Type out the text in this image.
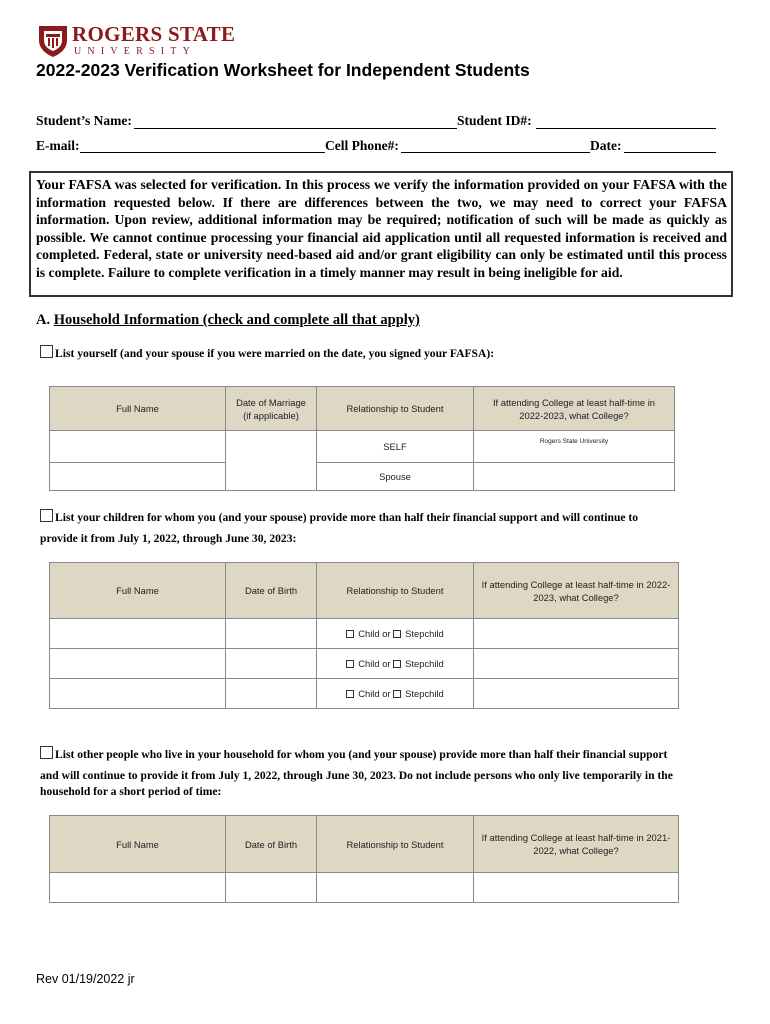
ROGERS STATE
UNIVERSITY
2022-2023 Verification Worksheet for Independent Students
Student’s Name:	Student ID#:
E-mail:	Cell Phone#:	Date:
Your FAFSA was selected for verification. In this process we verify the information provided on your FAFSA with the information requested below. If there are differences between the two, we may need to correct your FAFSA information. Upon review, additional information may be required; notification of such will be made as quickly as possible. We cannot continue processing your financial aid application until all requested information is received and completed. Federal, state or university need-based aid and/or grant eligibility can only be estimated until this process is complete. Failure to complete verification in a timely manner may result in being ineligible for aid.
A. Household Information (check and complete all that apply)
List yourself (and your spouse if you were married on the date, you signed your FAFSA):
Full Name	Date of Marriage (if applicable)	Relationship to Student	If attending College at least half-time in 2022-2023, what College?
		SELF	Rogers State University
		Spouse	
List your children for whom you (and your spouse) provide more than half their financial support and will continue to
provide it from July 1, 2022, through June 30, 2023:
Full Name	Date of Birth	Relationship to Student	If attending College at least half-time in 2022-2023, what College?
		Child or Stepchild	
		Child or Stepchild	
		Child or Stepchild	
List other people who live in your household for whom you (and your spouse) provide more than half their financial support
and will continue to provide it from July 1, 2022, through June 30, 2023. Do not include persons who only live temporarily in the
household for a short period of time:
Full Name	Date of Birth	Relationship to Student	If attending College at least half-time in 2021-2022, what College?

Rev 01/19/2022 jr
